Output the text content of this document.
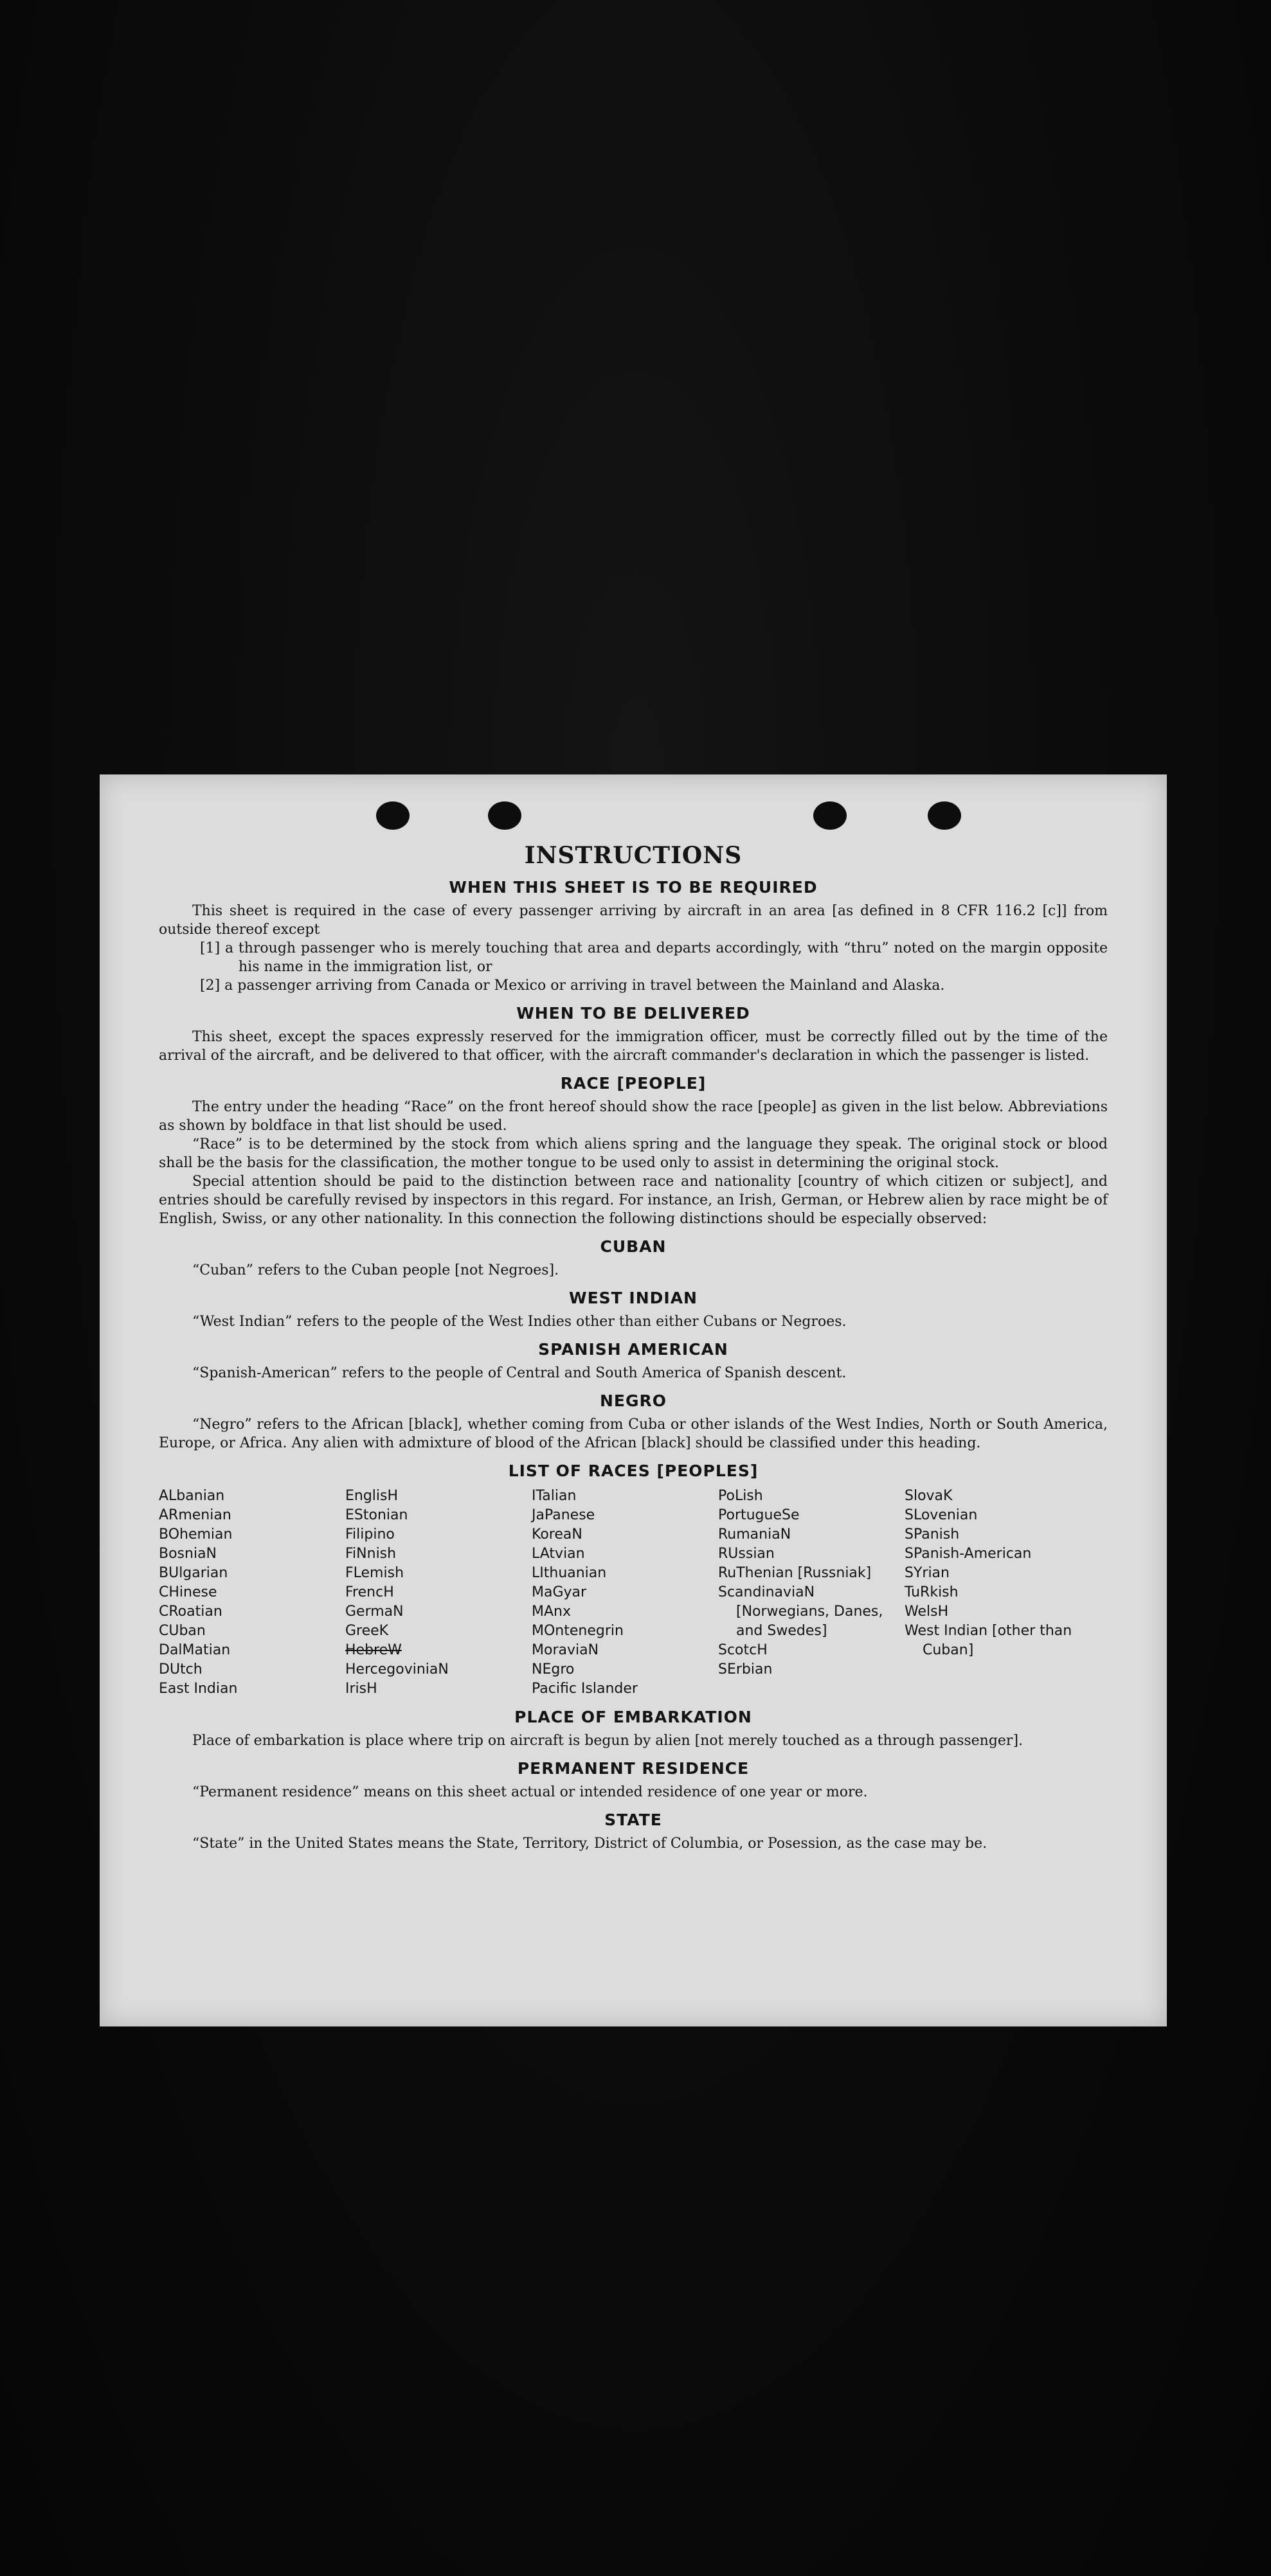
INSTRUCTIONS
WHEN THIS SHEET IS TO BE REQUIRED

This sheet is required in the case of every passenger arriving by aircraft in an area [as defined in 8 CFR 116.2 [c]] from outside thereof except

[1] a through passenger who is merely touching that area and departs accordingly, with “thru” noted on the margin opposite his name in the immigration list, or

[2] a passenger arriving from Canada or Mexico or arriving in travel between the Mainland and Alaska.

WHEN TO BE DELIVERED

This sheet, except the spaces expressly reserved for the immigration officer, must be correctly filled out by the time of the arrival of the aircraft, and be delivered to that officer, with the aircraft commander's declaration in which the passenger is listed.

RACE [PEOPLE]

The entry under the heading “Race” on the front hereof should show the race [people] as given in the list below. Abbreviations as shown by boldface in that list should be used.

“Race” is to be determined by the stock from which aliens spring and the language they speak. The original stock or blood shall be the basis for the classification, the mother tongue to be used only to assist in determining the original stock.

Special attention should be paid to the distinction between race and nationality [country of which citizen or subject], and entries should be carefully revised by inspectors in this regard. For instance, an Irish, German, or Hebrew alien by race might be of English, Swiss, or any other nationality. In this connection the following distinctions should be especially observed:

CUBAN

“Cuban” refers to the Cuban people [not Negroes].

WEST INDIAN

“West Indian” refers to the people of the West Indies other than either Cubans or Negroes.

SPANISH AMERICAN

“Spanish-American” refers to the people of Central and South America of Spanish descent.

NEGRO

“Negro” refers to the African [black], whether coming from Cuba or other islands of the West Indies, North or South America, Europe, or Africa. Any alien with admixture of blood of the African [black] should be classified under this heading.

LIST OF RACES [PEOPLES]
ALbanian
ARmenian
BOhemian
BosniaN
BUlgarian
CHinese
CRoatian
CUban
DalMatian
DUtch
East Indian
EnglisH
EStonian
Filipino
FiNnish
FLemish
FrencH
GermaN
GreeK
HebreW
HercegoviniaN
IrisH
ITalian
JaPanese
KoreaN
LAtvian
LIthuanian
MaGyar
MAnx
MOntenegrin
MoraviaN
NEgro
Pacific Islander
PoLish
PortugueSe
RumaniaN
RUssian
RuThenian [Russniak]
ScandinaviaN [Norwegians, Danes, and Swedes]
ScotcH
SErbian
SlovaK
SLovenian
SPanish
SPanish-American
SYrian
TuRkish
WelsH
West Indian [other than Cuban]
PLACE OF EMBARKATION

Place of embarkation is place where trip on aircraft is begun by alien [not merely touched as a through passenger].

PERMANENT RESIDENCE

“Permanent residence” means on this sheet actual or intended residence of one year or more.

STATE

“State” in the United States means the State, Territory, District of Columbia, or Posession, as the case may be.
